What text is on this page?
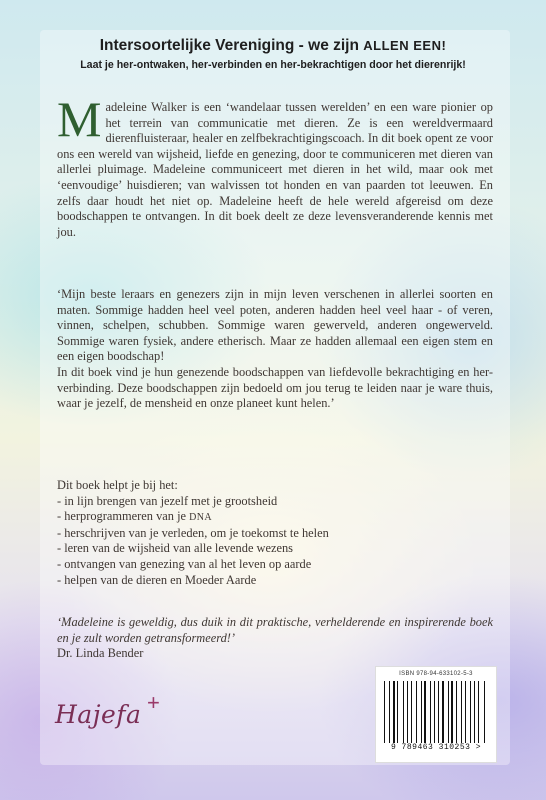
Intersoortelijke Vereniging - we zijn ALLEN EEN!
Laat je her-ontwaken, her-verbinden en her-bekrachtigen door het dierenrijk!
Madeleine Walker is een ‘wandelaar tussen werelden’ en een ware pionier op het terrein van communicatie met dieren. Ze is een wereldvermaard dierenfluisteraar, healer en zelfbekrachtigingscoach. In dit boek opent ze voor ons een wereld van wijsheid, liefde en genezing, door te communiceren met dieren van allerlei pluimage. Madeleine communiceert met dieren in het wild, maar ook met ‘eenvoudige’ huisdieren; van walvissen tot honden en van paarden tot leeuwen. En zelfs daar houdt het niet op. Madeleine heeft de hele wereld afgereisd om deze boodschappen te ontvangen. In dit boek deelt ze deze levensveranderende kennis met jou.

‘Mijn beste leraars en genezers zijn in mijn leven verschenen in allerlei soorten en maten. Sommige hadden heel veel poten, anderen hadden heel veel haar - of veren, vinnen, schelpen, schubben. Sommige waren gewerveld, anderen ongewerveld. Sommige waren fysiek, andere etherisch. Maar ze hadden allemaal een eigen stem en een eigen boodschap!

In dit boek vind je hun genezende boodschappen van liefdevolle bekrachtiging en her-verbinding. Deze boodschappen zijn bedoeld om jou terug te leiden naar je ware thuis, waar je jezelf, de mensheid en onze planeet kunt helen.’

Dit boek helpt je bij het:
- in lijn brengen van jezelf met je grootsheid
- herprogrammeren van je DNA
- herschrijven van je verleden, om je toekomst te helen
- leren van de wijsheid van alle levende wezens
- ontvangen van genezing van al het leven op aarde
- helpen van de dieren en Moeder Aarde
‘Madeleine is geweldig, dus duik in dit praktische, verhelderende en inspirerende boek en je zult worden getransformeerd!’
Dr. Linda Bender
Hajefa +
ISBN 978-94-633102-5-3
9 789463 310253 >
